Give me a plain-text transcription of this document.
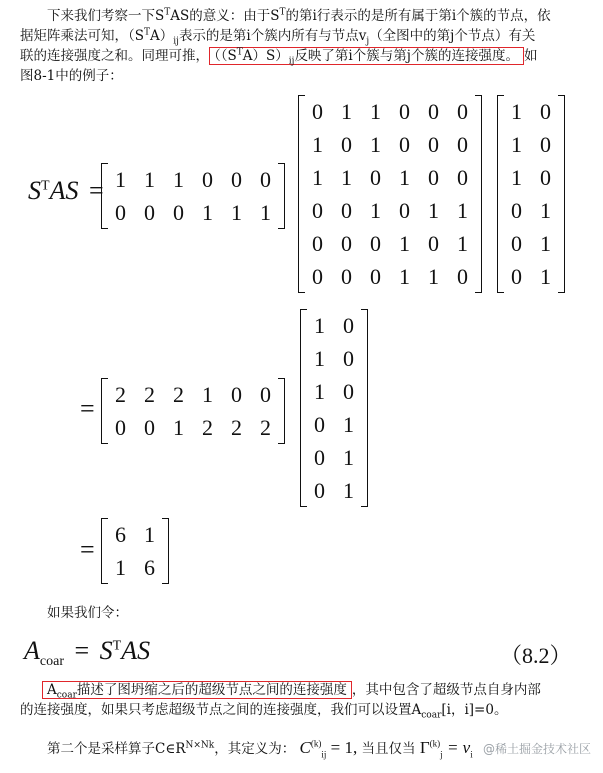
下来我们考察一下$S^TAS$的意义：由于$S^T$的第i行表示的是所有属于第i个簇的节点，依
据矩阵乘法可知，$(S^TA)_{ij}$表示的是第i个簇内所有与节点$v_j$（全图中的第j个节点）有关
联的连接强度之和。同理可推， $((S^TA)S)_{ij}$反映了第i个簇与第j个簇的连接强度。 如
图8-1中的例子：
$S^TAS = 1$ 1 1 0 0 0
0 0 0 1 1 1
0 1 1 0 0 0
1 0 1 0 0 0
1 1 0 1 0 0
0 0 1 0 1 1
0 0 0 1 0 1
0 0 0 1 1 0
1 0
1 0
1 0
0 1
0 1
0 1
= 2 2 2 1 0 0
0 0 1 2 2 2
1 0
1 0
1 0
0 1
0 1
0 1
=
6 1
1 6
如果我们令：
$A_{coar} = S^TAS$	（8.2）
$A_{coar}$描述了图坍缩之后的超级节点之间的连接强度 ，其中包含了超级节点自身内部
的连接强度，如果只考虑超级节点之间的连接强度，我们可以设置$A_{coar}[i$，i]=0。
第二个是采样算子$C\in R^{N\times Nk}$，其定义为： $C^{(k)}_{ij} = 1$, 当且仅当 $\Gamma^{(k)}_j = v_i$ @稀土掘金技术社区
